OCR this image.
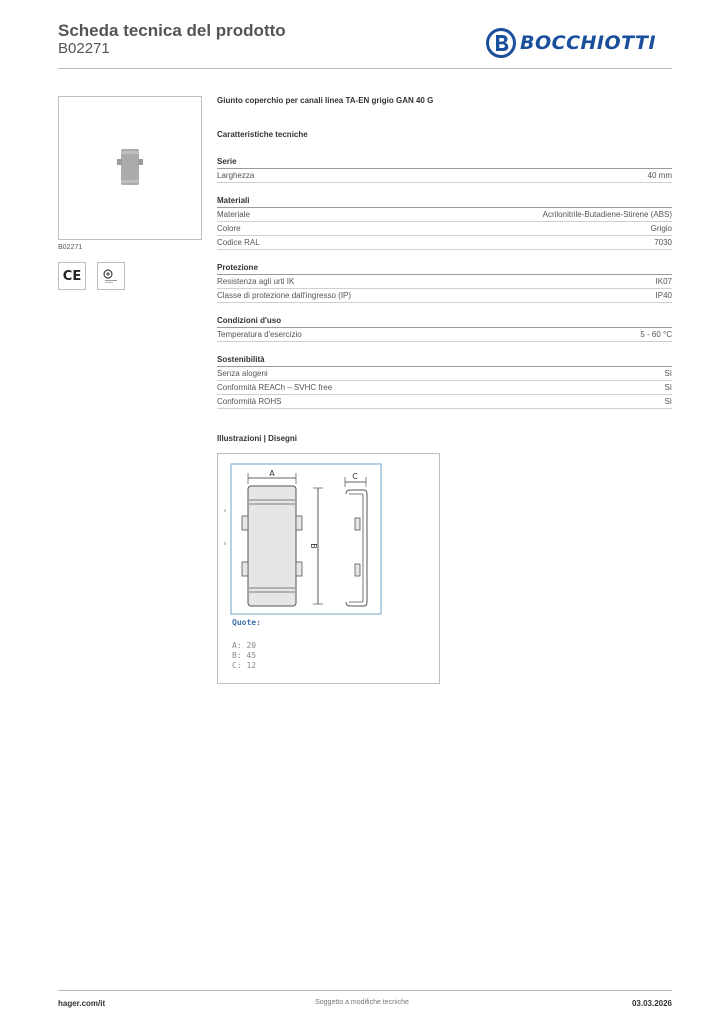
Scheda tecnica del prodotto
B02271	BOCCHIOTTI
B02271
CE
Giunto coperchio per canali linea TA-EN grigio GAN 40 G
Caratteristiche tecniche
Serie
Larghezza	40 mm
Materiali
Materiale	Acrilonitrile-Butadiene-Stirene (ABS)
Colore	Grigio
Codice RAL	7030
Protezione
Resistenza agli urti IK	IK07
Classe di protezione dall'ingresso (IP)	IP40
Condizioni d'uso
Temperatura d'esercizio	5 - 60 °C
Sostenibilità
Senza alogeni	Sì
Conformità REACh – SVHC free	Sì
Conformità ROHS	Sì
Illustrazioni | Disegni
A
B
C
Quote:
A: 20
B: 45
C: 12
hager.com/it	Soggetto a modifiche tecniche	03.03.2026
